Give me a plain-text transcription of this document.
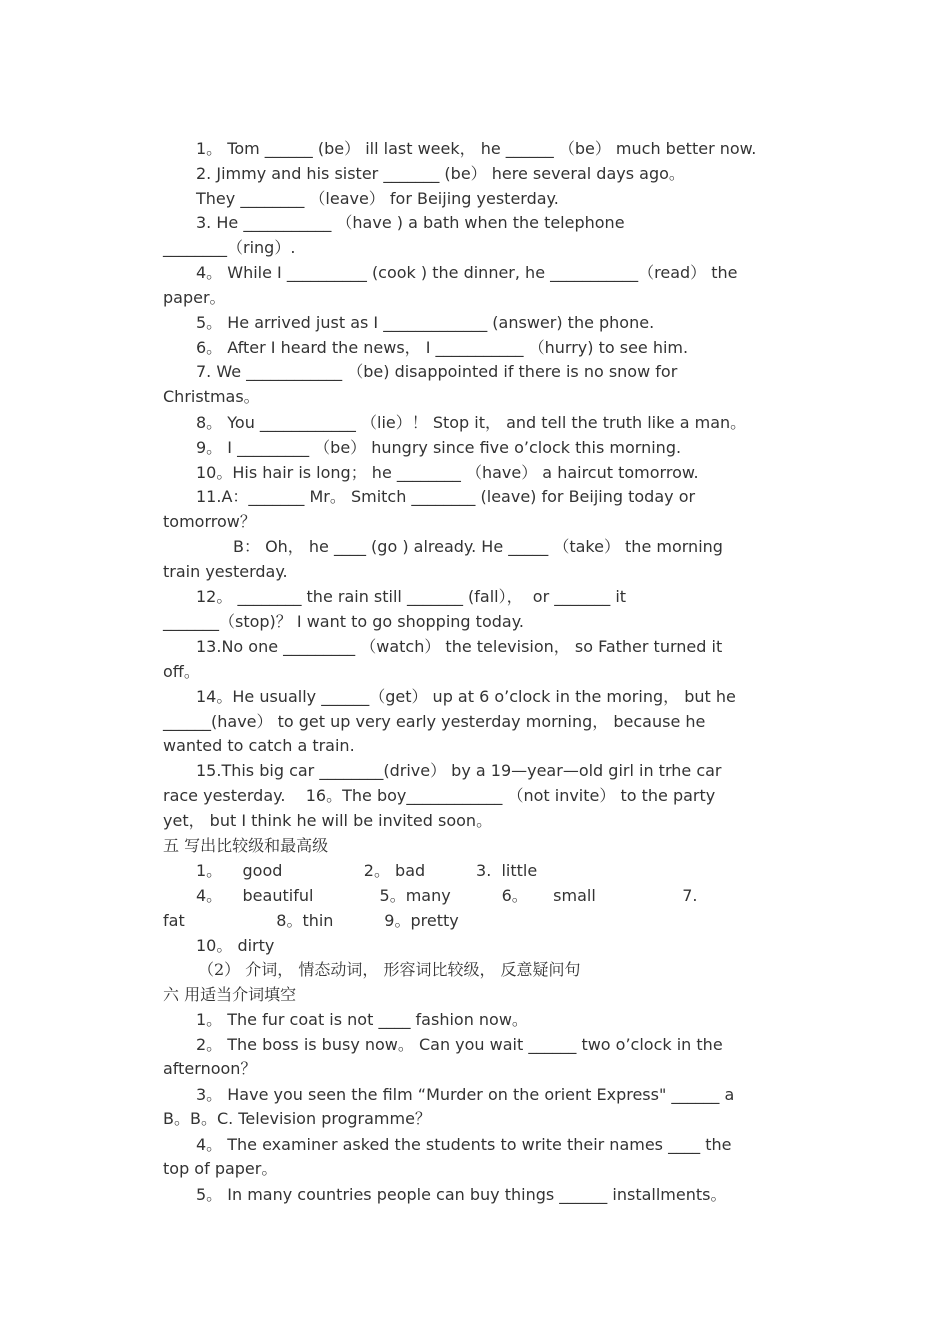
1。 Tom ______ (be） ill last week， he ______ （be） much better now.
2. Jimmy and his sister _______ (be） here several days ago。
They ________ （leave） for Beijing yesterday.
3. He ___________ （have ) a bath when the telephone
________（ring）.
4。 While I __________ (cook ) the dinner, he ___________（read） the
paper。
5。 He arrived just as I _____________ (answer) the phone.
6。 After I heard the news， I ___________ （hurry) to see him.
7. We ____________ （be) disappointed if there is no snow for
Christmas。
8。 You ____________ （lie）！ Stop it， and tell the truth like a man。
9。 I _________ （be） hungry since five o’clock this morning.
10。His hair is long； he ________ （have） a haircut tomorrow.
11.A：_______ Mr。 Smitch ________ (leave) for Beijing today or
tomorrow？
B： Oh， he ____ (go ) already. He _____ （take） the morning
train yesterday.
12。 ________ the rain still _______ (fall），  or _______ it
_______（stop)？ I want to go shopping today.
13.No one _________ （watch） the television， so Father turned it
off。
14。He usually ______（get） up at 6 o’clock in the moring， but he
______(have） to get up very early yesterday morning， because he
wanted to catch a train.
15.This big car ________(drive） by a 19—year—old girl in trhe car
race yesterday.    16。The boy____________ （not invite） to the party
yet， but I think he will be invited soon。
五 写出比较级和最高级
1。    good                2。 bad          3.  little
4。    beautiful             5。many          6。     small                 7.
fat                  8。thin          9。pretty
10。 dirty
（2） 介词， 情态动词， 形容词比较级， 反意疑问句
六 用适当介词填空
1。 The fur coat is not ____ fashion now。
2。 The boss is busy now。 Can you wait ______ two o’clock in the
afternoon？
3。 Have you seen the film “Murder on the orient Express" ______ a
B。B。C. Television programme？
4。 The examiner asked the students to write their names ____ the
top of paper。
5。 In many countries people can buy things ______ installments。
